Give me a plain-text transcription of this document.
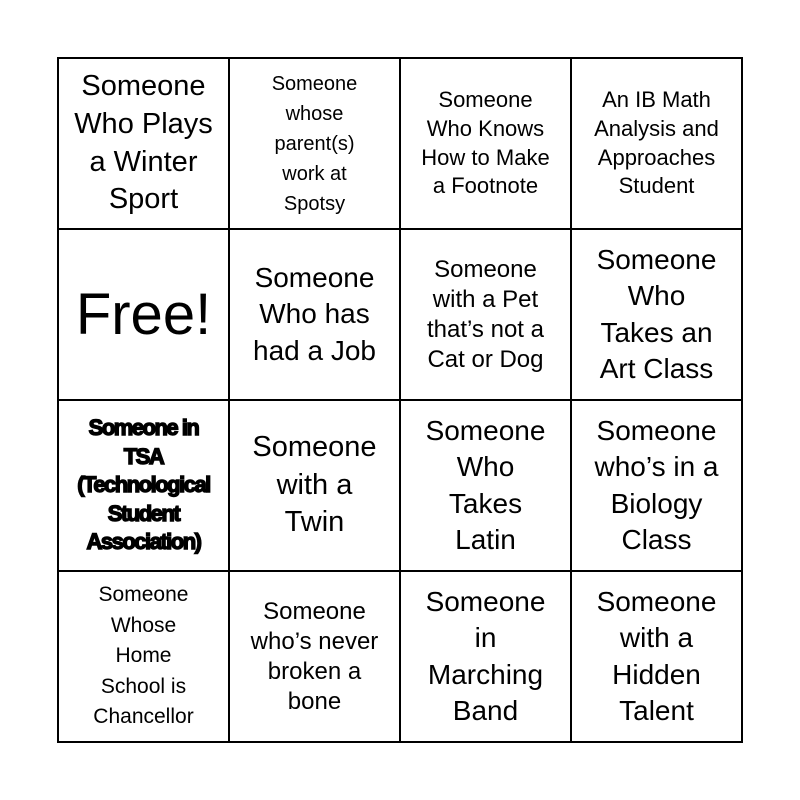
Someone
Who Plays
a Winter
Sport
Someone
whose
parent(s)
work at
Spotsy
Someone
Who Knows
How to Make
a Footnote
An IB Math
Analysis and
Approaches
Student
Free!
Someone
Who has
had a Job
Someone
with a Pet
that’s not a
Cat or Dog
Someone
Who
Takes an
Art Class
Someone in
TSA
(Technological
Student
Association)
Someone
with a
Twin
Someone
Who
Takes
Latin
Someone
who’s in a
Biology
Class
Someone
Whose
Home
School is
Chancellor
Someone
who’s never
broken a
bone
Someone
in
Marching
Band
Someone
with a
Hidden
Talent
